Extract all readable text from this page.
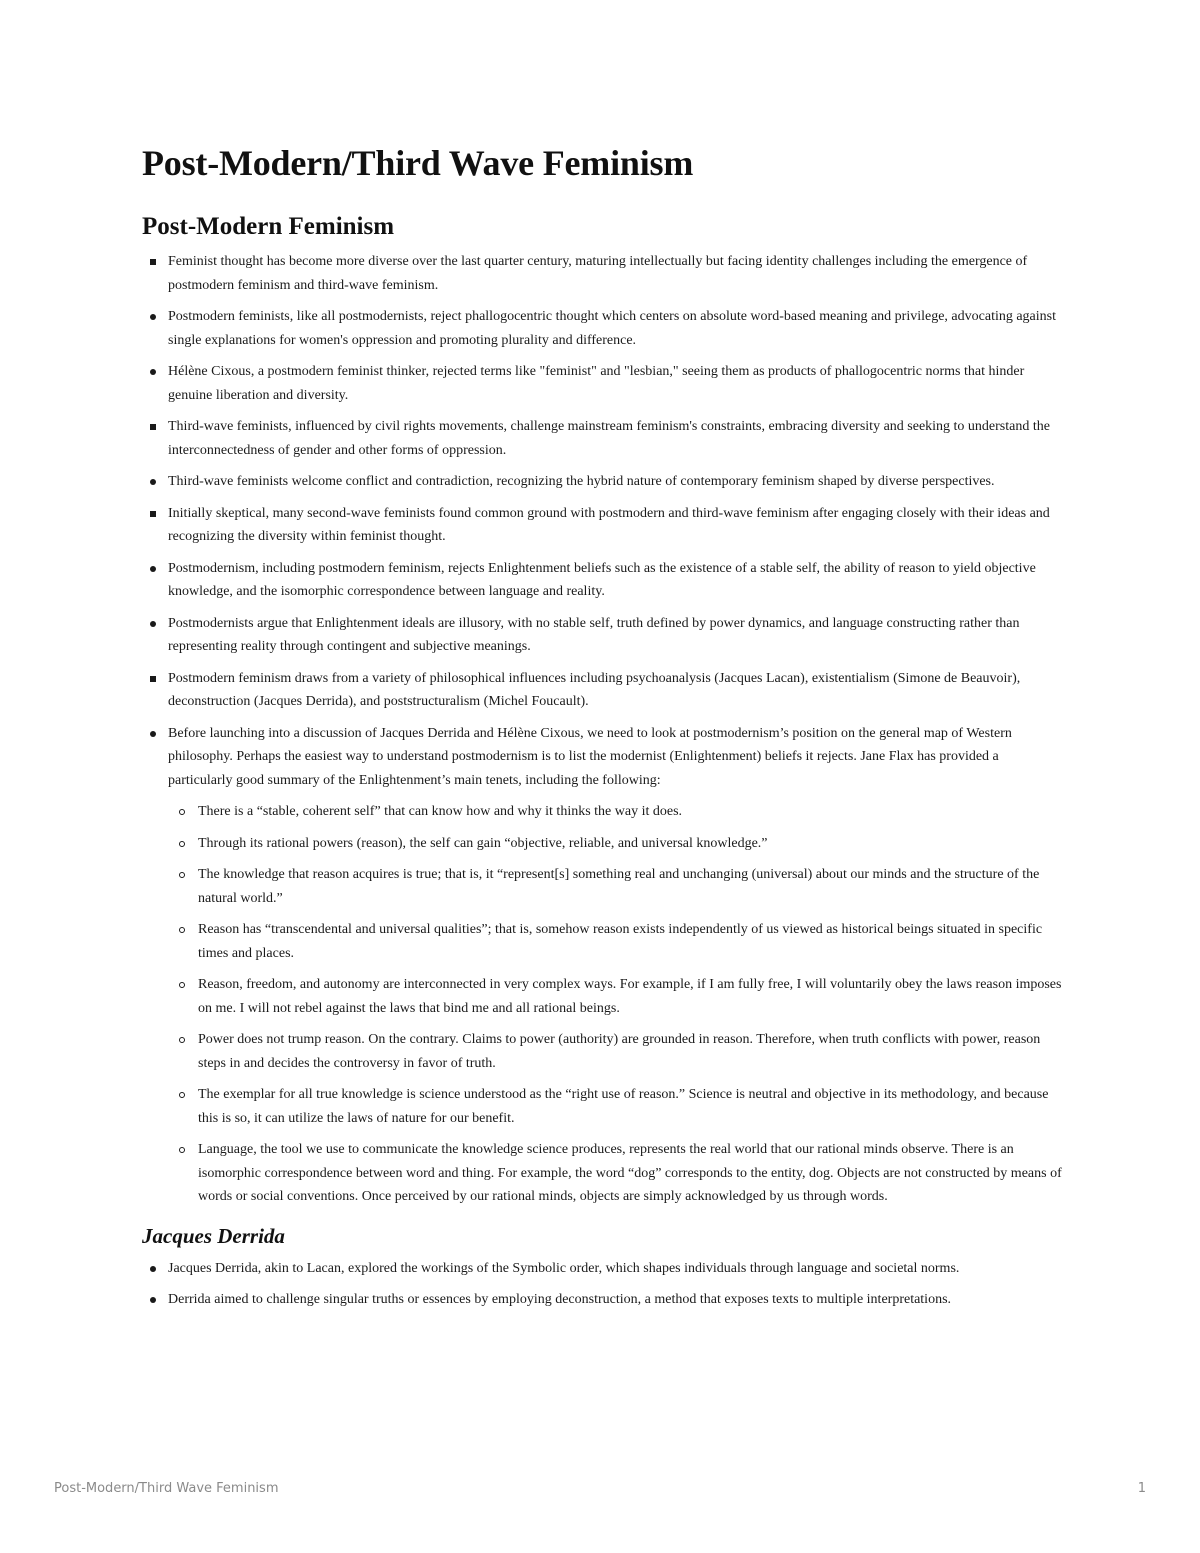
Post-Modern/Third Wave Feminism
Post-Modern Feminism
Feminist thought has become more diverse over the last quarter century, maturing intellectually but facing identity challenges including the emergence of postmodern feminism and third-wave feminism.
Postmodern feminists, like all postmodernists, reject phallogocentric thought which centers on absolute word-based meaning and privilege, advocating against single explanations for women's oppression and promoting plurality and difference.
Hélène Cixous, a postmodern feminist thinker, rejected terms like "feminist" and "lesbian," seeing them as products of phallogocentric norms that hinder genuine liberation and diversity.
Third-wave feminists, influenced by civil rights movements, challenge mainstream feminism's constraints, embracing diversity and seeking to understand the interconnectedness of gender and other forms of oppression.
Third-wave feminists welcome conflict and contradiction, recognizing the hybrid nature of contemporary feminism shaped by diverse perspectives.
Initially skeptical, many second-wave feminists found common ground with postmodern and third-wave feminism after engaging closely with their ideas and recognizing the diversity within feminist thought.
Postmodernism, including postmodern feminism, rejects Enlightenment beliefs such as the existence of a stable self, the ability of reason to yield objective knowledge, and the isomorphic correspondence between language and reality.
Postmodernists argue that Enlightenment ideals are illusory, with no stable self, truth defined by power dynamics, and language constructing rather than representing reality through contingent and subjective meanings.
Postmodern feminism draws from a variety of philosophical influences including psychoanalysis (Jacques Lacan), existentialism (Simone de Beauvoir), deconstruction (Jacques Derrida), and poststructuralism (Michel Foucault).
Before launching into a discussion of Jacques Derrida and Hélène Cixous, we need to look at postmodernism’s position on the general map of Western philosophy. Perhaps the easiest way to understand postmodernism is to list the modernist (Enlightenment) beliefs it rejects. Jane Flax has provided a particularly good summary of the Enlightenment’s main tenets, including the following:
There is a “stable, coherent self” that can know how and why it thinks the way it does.
Through its rational powers (reason), the self can gain “objective, reliable, and universal knowledge.”
The knowledge that reason acquires is true; that is, it “represent[s] something real and unchanging (universal) about our minds and the structure of the natural world.”
Reason has “transcendental and universal qualities”; that is, somehow reason exists independently of us viewed as historical beings situated in specific times and places.
Reason, freedom, and autonomy are interconnected in very complex ways. For example, if I am fully free, I will voluntarily obey the laws reason imposes on me. I will not rebel against the laws that bind me and all rational beings.
Power does not trump reason. On the contrary. Claims to power (authority) are grounded in reason. Therefore, when truth conflicts with power, reason steps in and decides the controversy in favor of truth.
The exemplar for all true knowledge is science understood as the “right use of reason.” Science is neutral and objective in its methodology, and because this is so, it can utilize the laws of nature for our benefit.
Language, the tool we use to communicate the knowledge science produces, represents the real world that our rational minds observe. There is an isomorphic correspondence between word and thing. For example, the word “dog” corresponds to the entity, dog. Objects are not constructed by means of words or social conventions. Once perceived by our rational minds, objects are simply acknowledged by us through words.
Jacques Derrida
Jacques Derrida, akin to Lacan, explored the workings of the Symbolic order, which shapes individuals through language and societal norms.
Derrida aimed to challenge singular truths or essences by employing deconstruction, a method that exposes texts to multiple interpretations.
Post-Modern/Third Wave Feminism	1
